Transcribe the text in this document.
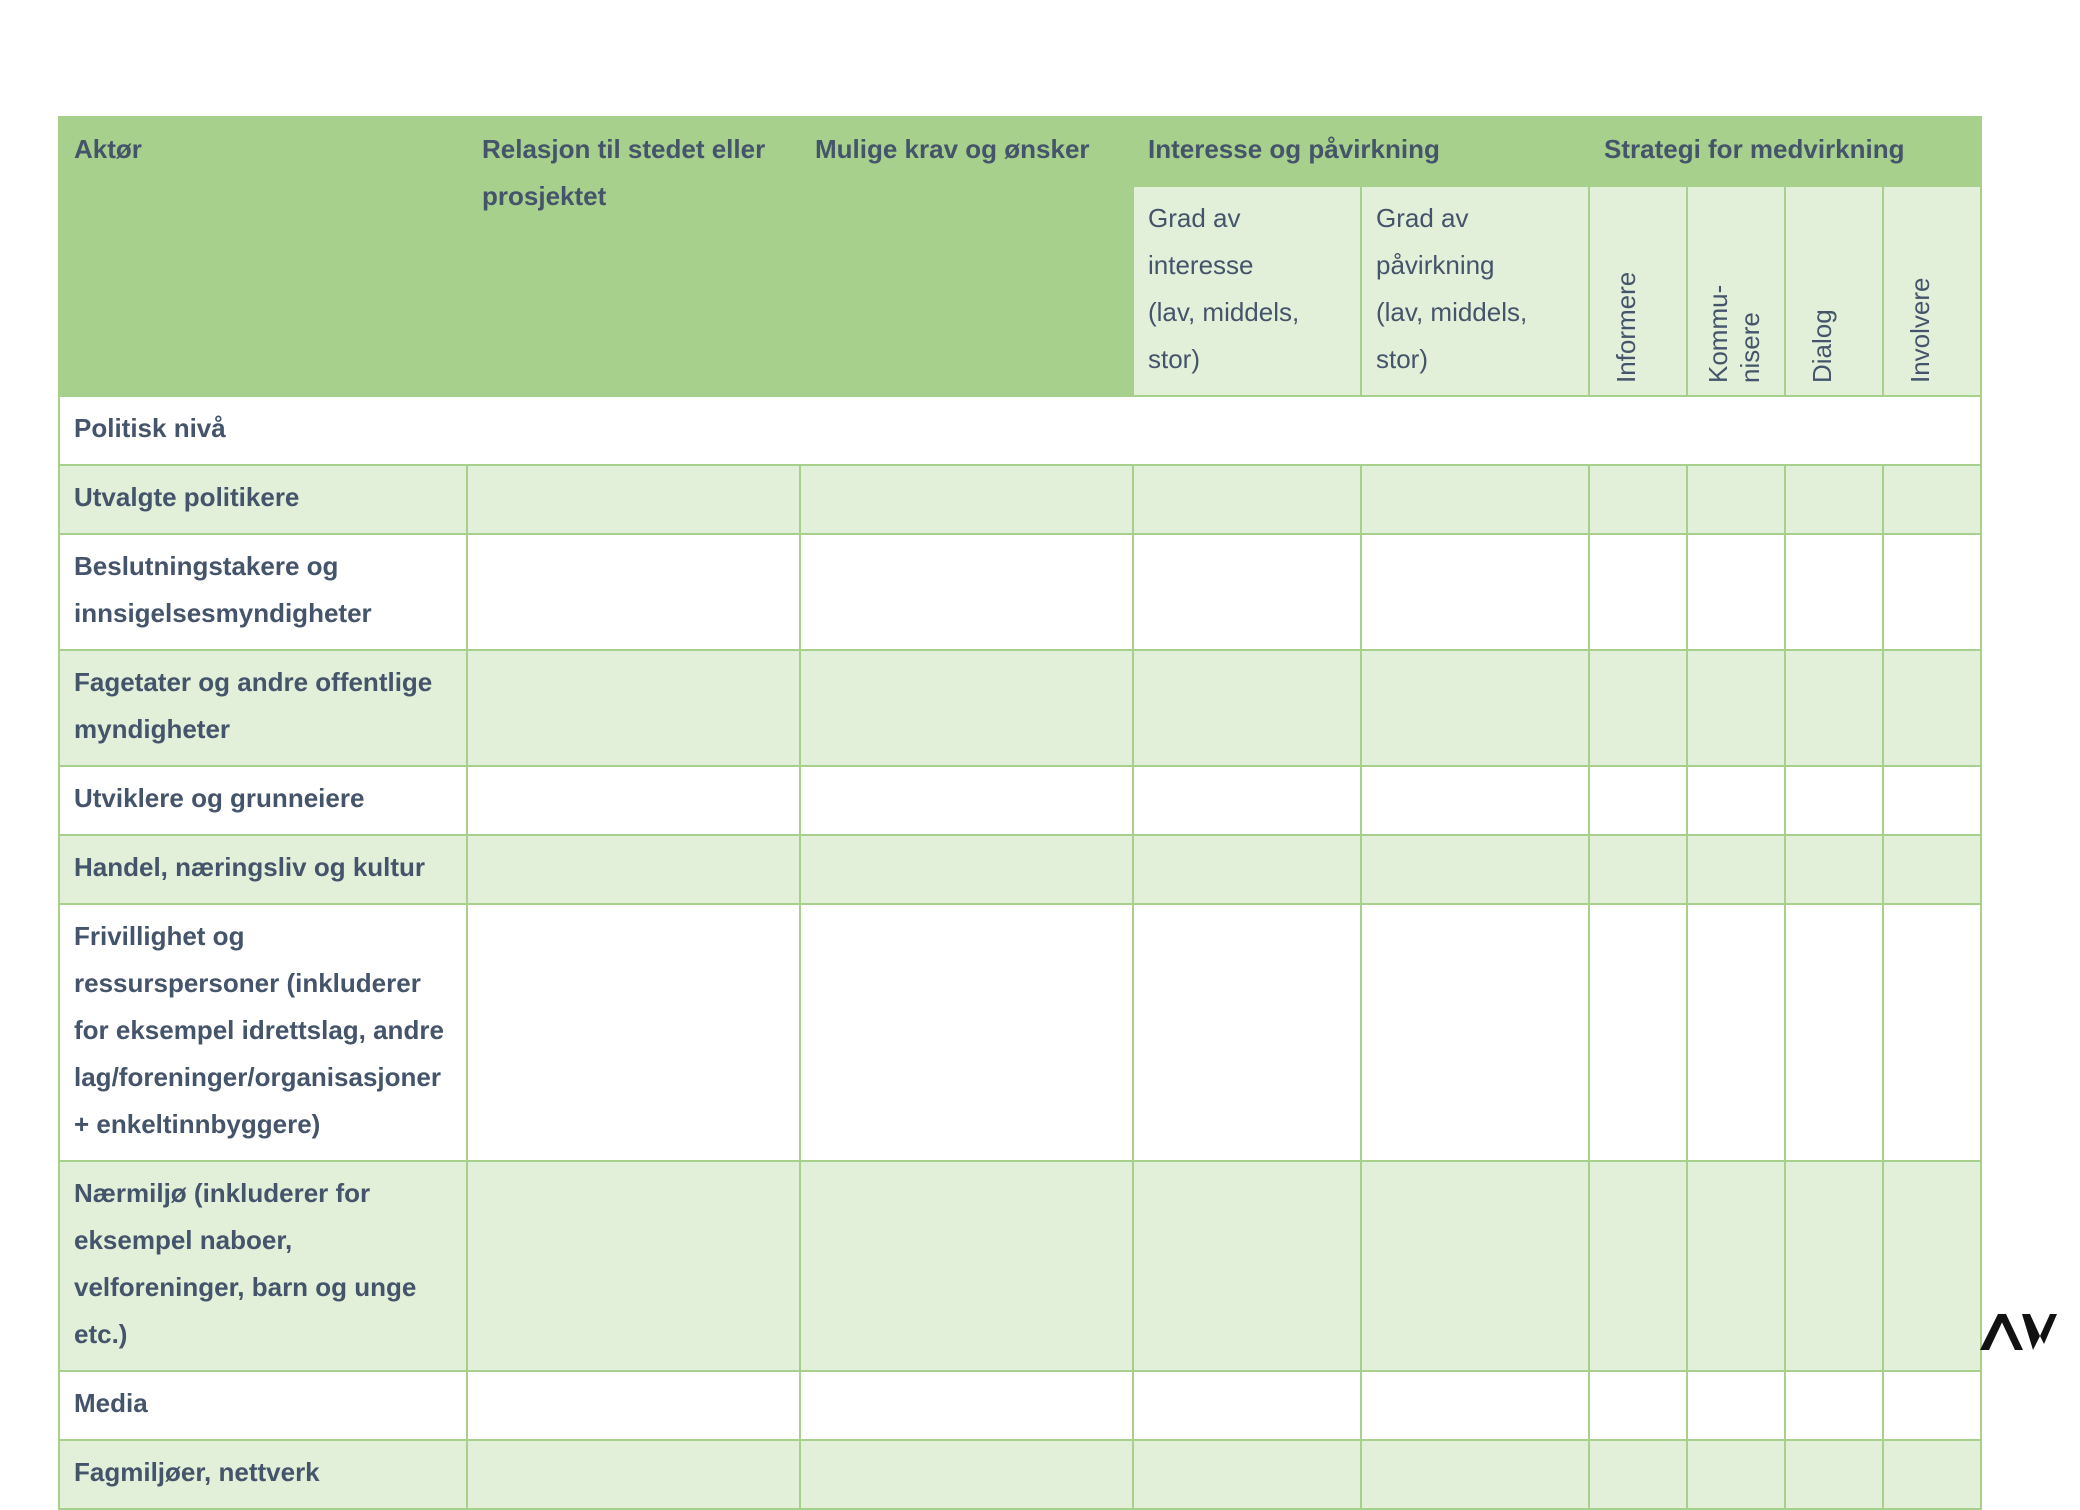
Aktør	Relasjon til stedet eller prosjektet	Mulige krav og ønsker	Interesse og påvirkning		Strategi for medvirkning			
			Grad av
interesse
(lav, middels,
stor)	Grad av
påvirkning
(lav, middels,
stor)	Informere	Kommu-
nisere	Dialog	Involvere

Politisk nivå								
Utvalgte politikere								
Beslutningstakere og innsigelsesmyndigheter								
Fagetater og andre offentlige myndigheter								
Utviklere og grunneiere								
Handel, næringsliv og kultur								
Frivillighet og ressurspersoner (inkluderer for eksempel idrettslag, andre lag/foreninger/organisasjoner + enkeltinnbyggere)								
Nærmiljø (inkluderer for eksempel naboer, velforeninger, barn og unge etc.)								
Media								
Fagmiljøer, nettverk								
